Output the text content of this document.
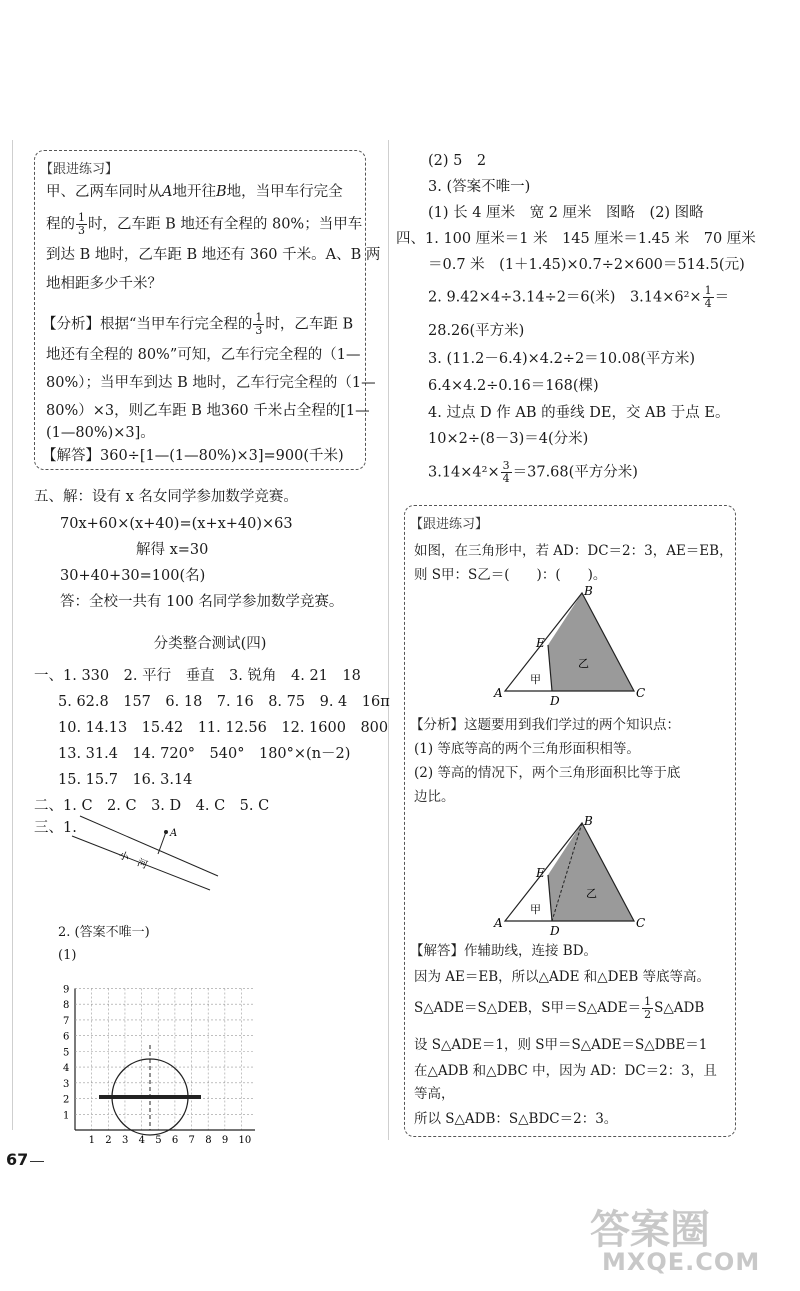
【跟进练习】
甲、乙两车同时从A地开往B地，当甲车行完全
程的 $\frac{1}{3}$ 时，乙车距 B 地还有全程的 80%；当甲车
到达 B 地时，乙车距 B 地还有 360 千米。A、B 两
地相距多少千米？
【分析】根据“当甲车行完全程的 $\frac{1}{3}$ 时，乙车距 B
地还有全程的 80%”可知，乙车行完全程的（1—
80%）；当甲车到达 B 地时，乙车行完全程的（1—
80%）×3，则乙车距 B 地360 千米占全程的[1—
(1—80%)×3]。
【解答】360÷[1—(1—80%)×3]=900(千米)
五、解：设有 x 名女同学参加数学竞赛。
70x+60×(x+40)=(x+x+40)×63
解得 x=30
30+40+30=100(名)
答：全校一共有 100 名同学参加数学竞赛。
分类整合测试(四)
一、1. 330　2. 平行　垂直　3. 锐角　4. 21　18
5. 62.8　157　6. 18　7. 16　8. 75　9. 4　16π
10. 14.13　15.42　11. 12.56　12. 1600　800
13. 31.4　14. 720°　540°　180°×(n－2)
15. 15.7　16. 3.14
二、1. C　2. C　3. D　4. C　5. C
三、1.	A
小　河
2. (答案不唯一)
(1)
1 2 3 4 5 6 7 8 9 10
1
2
3
4
5
6
7
8
9
67
(2) 5　2
3. (答案不唯一)
(1) 长 4 厘米　宽 2 厘米　图略　(2) 图略
四、1. 100 厘米＝1 米　145 厘米＝1.45 米　70 厘米
＝0.7 米　(1＋1.45)×0.7÷2×600＝514.5(元)
2. 9.42×4÷3.14÷2＝6(米)　$3.14\times 6^2\times \frac{1}{4}$ ＝
28.26(平方米)
3. (11.2－6.4)×4.2÷2＝10.08(平方米)
6.4×4.2÷0.16＝168(棵)
4. 过点 D 作 AB 的垂线 DE，交 AB 于点 E。
10×2÷(8－3)＝4(分米)
$3.14\times 4^2\times \frac{3}{4} =37.68$(平方分米)
【跟进练习】
如图，在三角形中，若 AD：DC＝2：3，AE＝EB，
则 S甲：S乙＝(　　)：(　　)。
B
E
A
D
C
甲
乙
【分析】这题要用到我们学过的两个知识点：
(1) 等底等高的两个三角形面积相等。
(2) 等高的情况下，两个三角形面积比等于底
边比。
B
E
A
D
C
甲
乙
【解答】作辅助线，连接 BD。
因为 AE＝EB，所以△ADE 和△DEB 等底等高。
S△ADE＝S△DEB，S甲＝S△ADE＝ $\frac{1}{2}$ S△ADB
设 S△ADE＝1，则 S甲＝S△ADE＝S△DBE＝1
在△ADB 和△DBC 中，因为 AD：DC＝2：3，且
等高，
所以 S△ADB：S△BDC＝2：3。
答案圈
MXQE.COM
